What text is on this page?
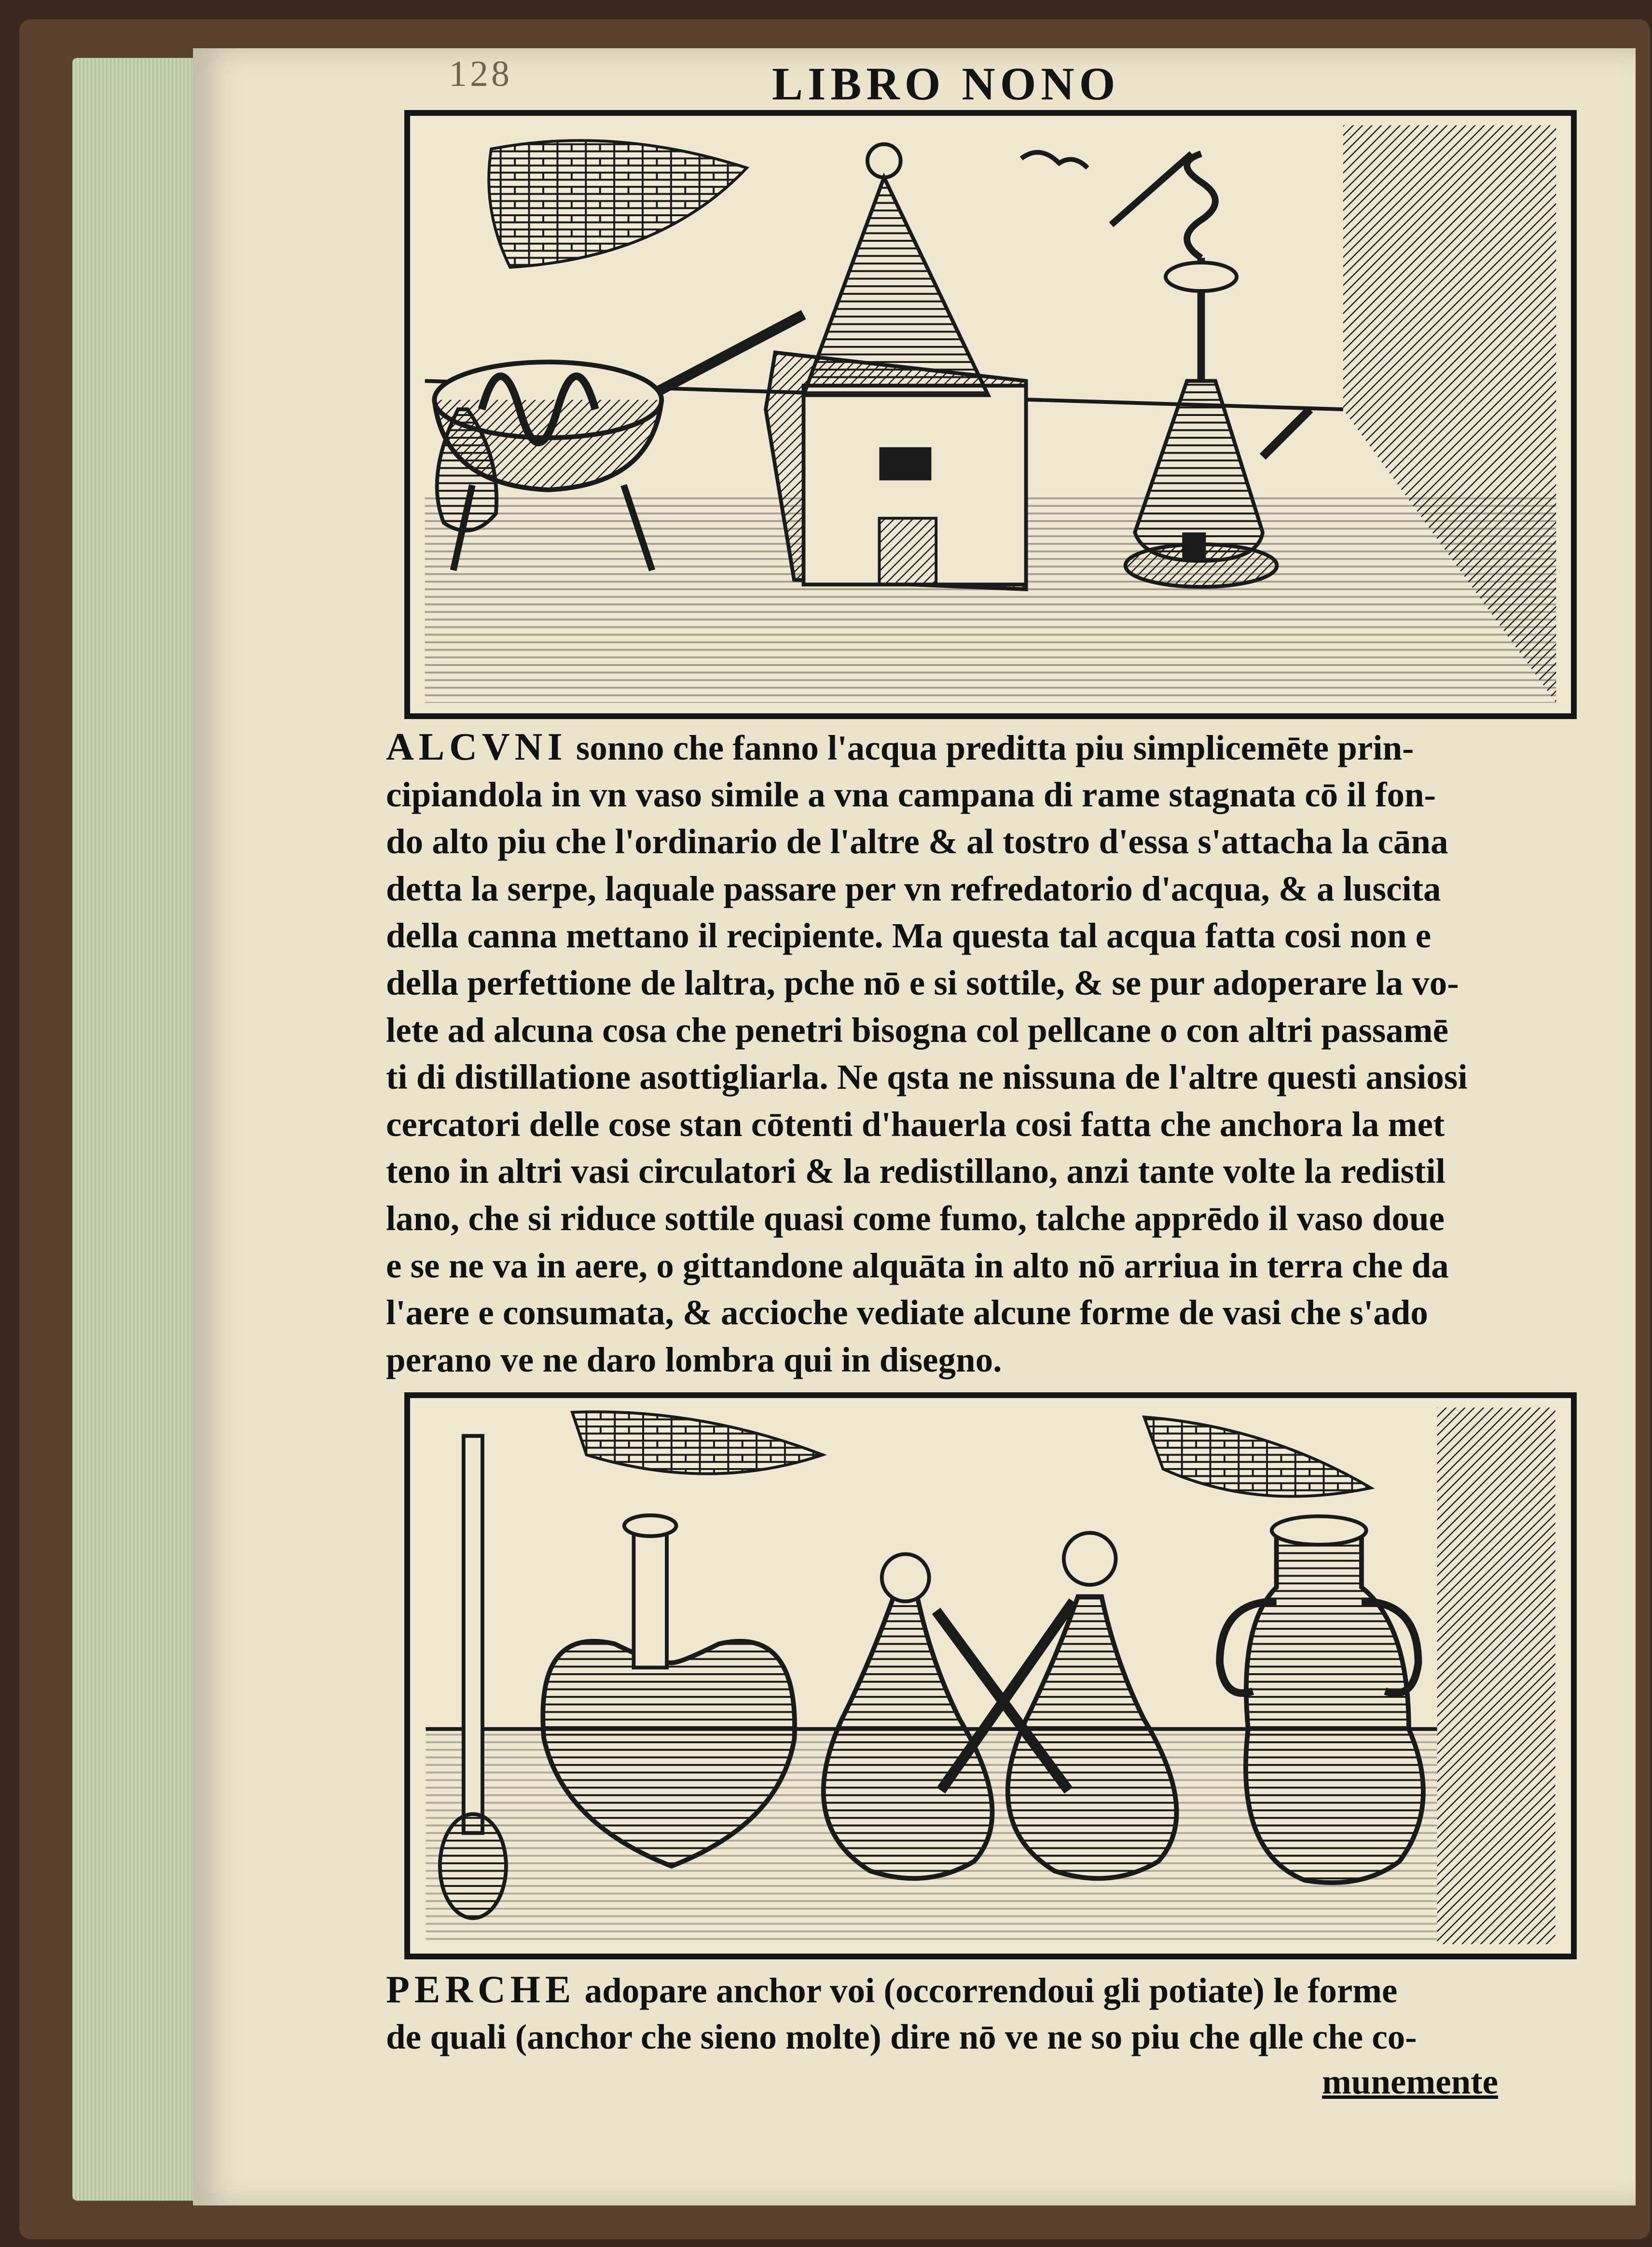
128	LIBRO NONO
ALCVNI sonno che fanno l'acqua preditta piu simplicemēte prin-
cipiandola in vn vaso simile a vna campana di rame stagnata cō il fon-
do alto piu che l'ordinario de l'altre & al tostro d'essa s'attacha la cāna
detta la serpe, laquale passare per vn refredatorio d'acqua, & a luscita
della canna mettano il recipiente. Ma questa tal acqua fatta cosi non e
della perfettione de laltra, pche nō e si sottile, & se pur adoperare la vo-
lete ad alcuna cosa che penetri bisogna col pellcane o con altri passamē
ti di distillatione asottigliarla. Ne qsta ne nissuna de l'altre questi ansiosi
cercatori delle cose stan cōtenti d'hauerla cosi fatta che anchora la met
teno in altri vasi circulatori & la redistillano, anzi tante volte la redistil
lano, che si riduce sottile quasi come fumo, talche apprēdo il vaso doue
e se ne va in aere, o gittandone alquāta in alto nō arriua in terra che da
l'aere e consumata, & accioche vediate alcune forme de vasi che s'ado
perano ve ne daro lombra qui in disegno.
PERCHE adopare anchor voi (occorrendoui gli potiate) le forme
de quali (anchor che sieno molte) dire nō ve ne so piu che qlle che co-
munemente
